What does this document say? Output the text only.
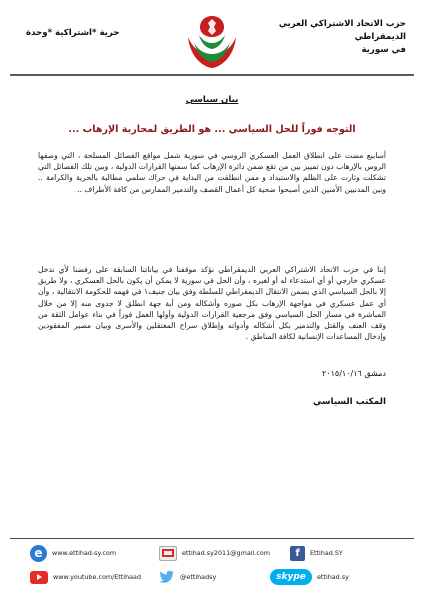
حزب الاتحاد الاشتراكي العربي الديمقراطي
في سورية
حرية *اشتراكية *وحدة
بيان سياسي
التوجه فوراً للحل السياسي ... هو الطريق لمحاربة الإرهاب ...

أسابيع مضت على انطلاق العمل العسكري الروسي في سورية شمل مواقع الفصائل المسلحة ، التي وصفها الروس بالإرهاب دون تمييز بين من تقع ضمن دائرة الإرهاب كما سمتها القرارات الدولية ، وبين تلك الفصائل التي تشكلت وثارت على الظلم والاستبداد و ممن انطلقت من البداية في حراك سلمي مطالبة بالحرية والكرامة .. وبين المدنيين الأمنين الذين أصبحوا ضحية كل أعمال القصف والتدمير الممارس من كافة الأطراف ..

إننا في حزب الاتحاد الاشتراكي العربي الديمقراطي نؤكد موقفنا في بياناتنا السابقة على رفضنا لأي تدخل عسكري خارجي أو أي استدعاء له أو لغيره ، وأن الحل في سورية لا يمكن أن يكون بالحل العسكري ، ولا طريق إلا بالحل السياسي الذي يضمن الانتقال الديمقراطي للسلطة وفق بيان جنيف١ في فهمه للحكومة الانتقالية ، وأن أي عمل عسكري في مواجهة الإرهاب بكل صوره وأشكاله ومن أية جهة انطلق لا جدوى منه إلا من خلال المباشرة في مسار الحل السياسي وفق مرجعية القرارات الدولية وأولها العمل فوراً في بناء عوامل الثقة من وقف العنف والقتل والتدمير بكل أشكاله وأدواته وإطلاق سراح المعتقلين والأسرى وبيان مصير المفقودين وإدخال المساعدات الإنسانية لكافة المناطق .

دمشق ٢٠١٥/١٠/١٦
المكتب السياسي
e	www.ettihad-sy.com	ettihad.sy2011@gmail.com	f	Ettihad.SY
www.youtube.com/Ettihaad	@ettihadsy	skype	ettihad.sy
